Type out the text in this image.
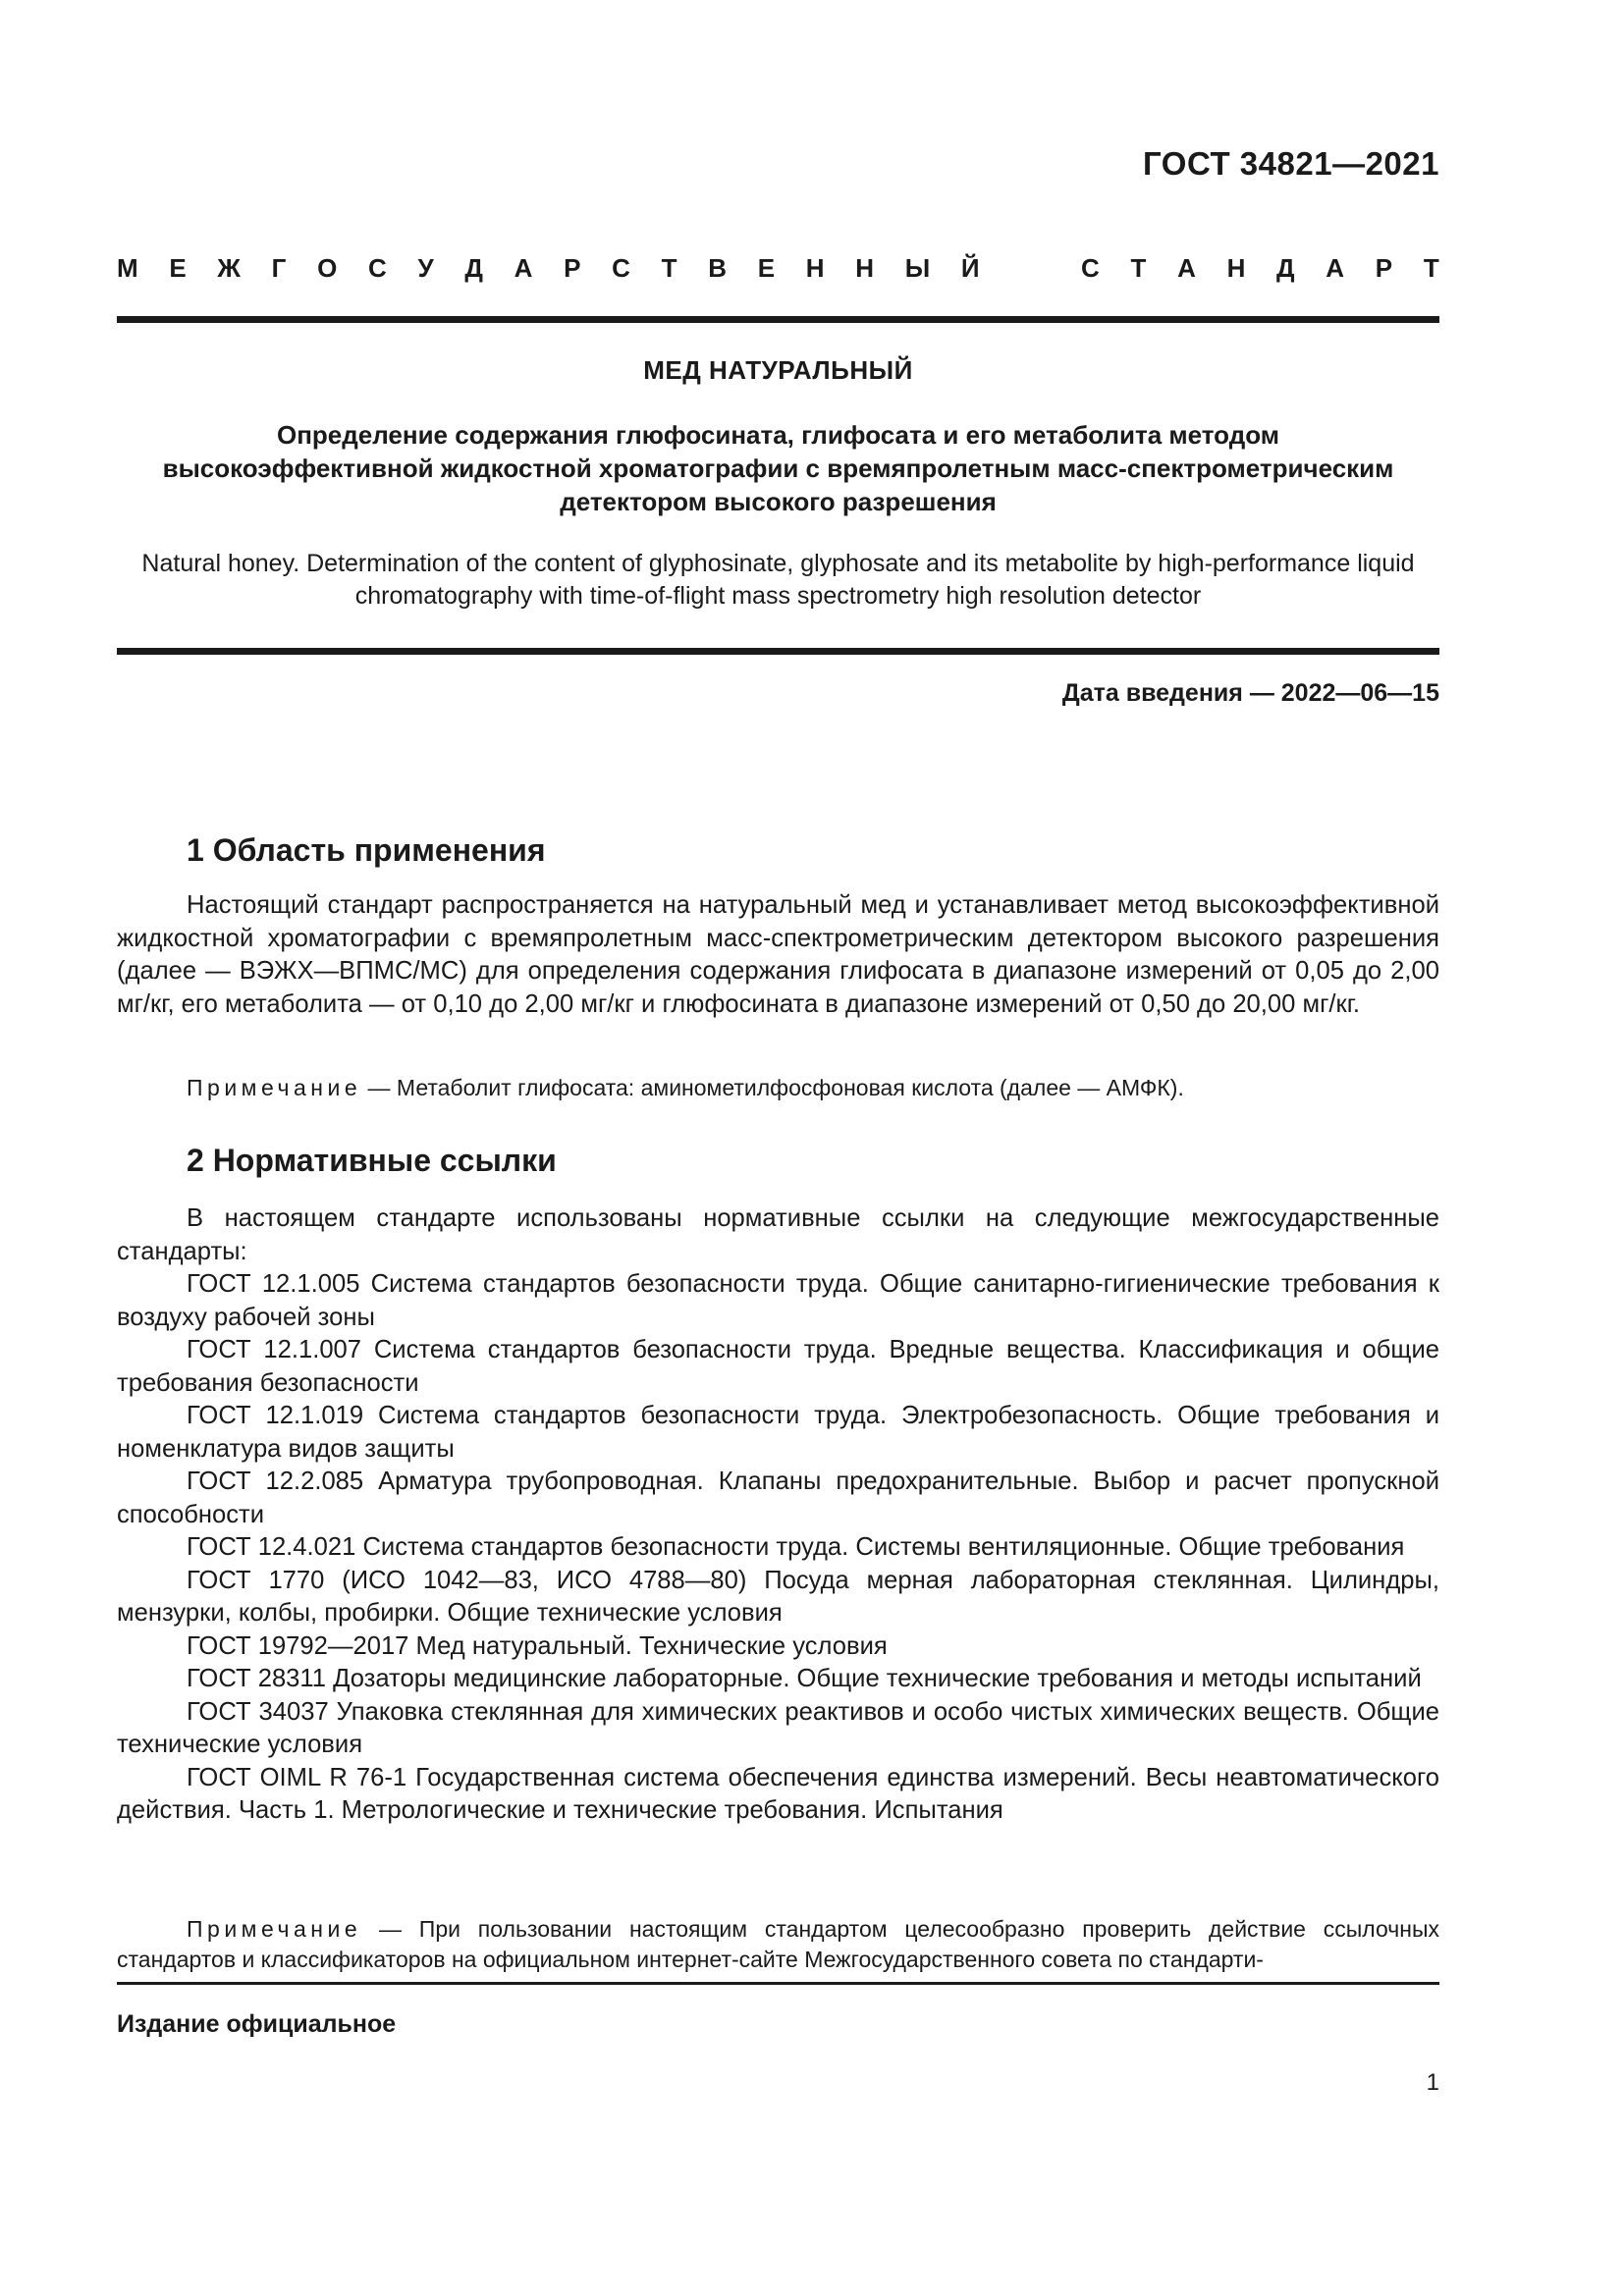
ГОСТ 34821—2021
М Е Ж Г О С У Д А Р С Т В Е Н Н Ы Й	С Т А Н Д А Р Т
МЕД НАТУРАЛЬНЫЙ
Определение содержания глюфосината, глифосата и его метаболита методом
высокоэффективной жидкостной хроматографии с времяпролетным масс-спектрометрическим
детектором высокого разрешения
Natural honey. Determination of the content of glyphosinate, glyphosate and its metabolite by high-performance liquid
chromatography with time-of-flight mass spectrometry high resolution detector
Дата введения — 2022—06—15
1 Область применения

Настоящий стандарт распространяется на натуральный мед и устанавливает метод высокоэффективной жидкостной хроматографии с времяпролетным масс-спектрометрическим детектором высокого разрешения (далее — ВЭЖХ—ВПМС/МС) для определения содержания глифосата в диапазоне измерений от 0,05 до 2,00 мг/кг, его метаболита — от 0,10 до 2,00 мг/кг и глюфосината в диапазоне измерений от 0,50 до 20,00 мг/кг.

Примечание — Метаболит глифосата: аминометилфосфоновая кислота (далее — АМФК).

2 Нормативные ссылки

В настоящем стандарте использованы нормативные ссылки на следующие межгосударственные стандарты:

ГОСТ 12.1.005 Система стандартов безопасности труда. Общие санитарно-гигиенические требования к воздуху рабочей зоны

ГОСТ 12.1.007 Система стандартов безопасности труда. Вредные вещества. Классификация и общие требования безопасности

ГОСТ 12.1.019 Система стандартов безопасности труда. Электробезопасность. Общие требования и номенклатура видов защиты

ГОСТ 12.2.085 Арматура трубопроводная. Клапаны предохранительные. Выбор и расчет пропускной способности

ГОСТ 12.4.021 Система стандартов безопасности труда. Системы вентиляционные. Общие требования

ГОСТ 1770 (ИСО 1042—83, ИСО 4788—80) Посуда мерная лабораторная стеклянная. Цилиндры, мензурки, колбы, пробирки. Общие технические условия

ГОСТ 19792—2017 Мед натуральный. Технические условия

ГОСТ 28311 Дозаторы медицинские лабораторные. Общие технические требования и методы испытаний

ГОСТ 34037 Упаковка стеклянная для химических реактивов и особо чистых химических веществ. Общие технические условия

ГОСТ OIML R 76-1 Государственная система обеспечения единства измерений. Весы неавтоматического действия. Часть 1. Метрологические и технические требования. Испытания

Примечание — При пользовании настоящим стандартом целесообразно проверить действие ссылочных стандартов и классификаторов на официальном интернет-сайте Межгосударственного совета по стандарти-

Издание официальное
1
